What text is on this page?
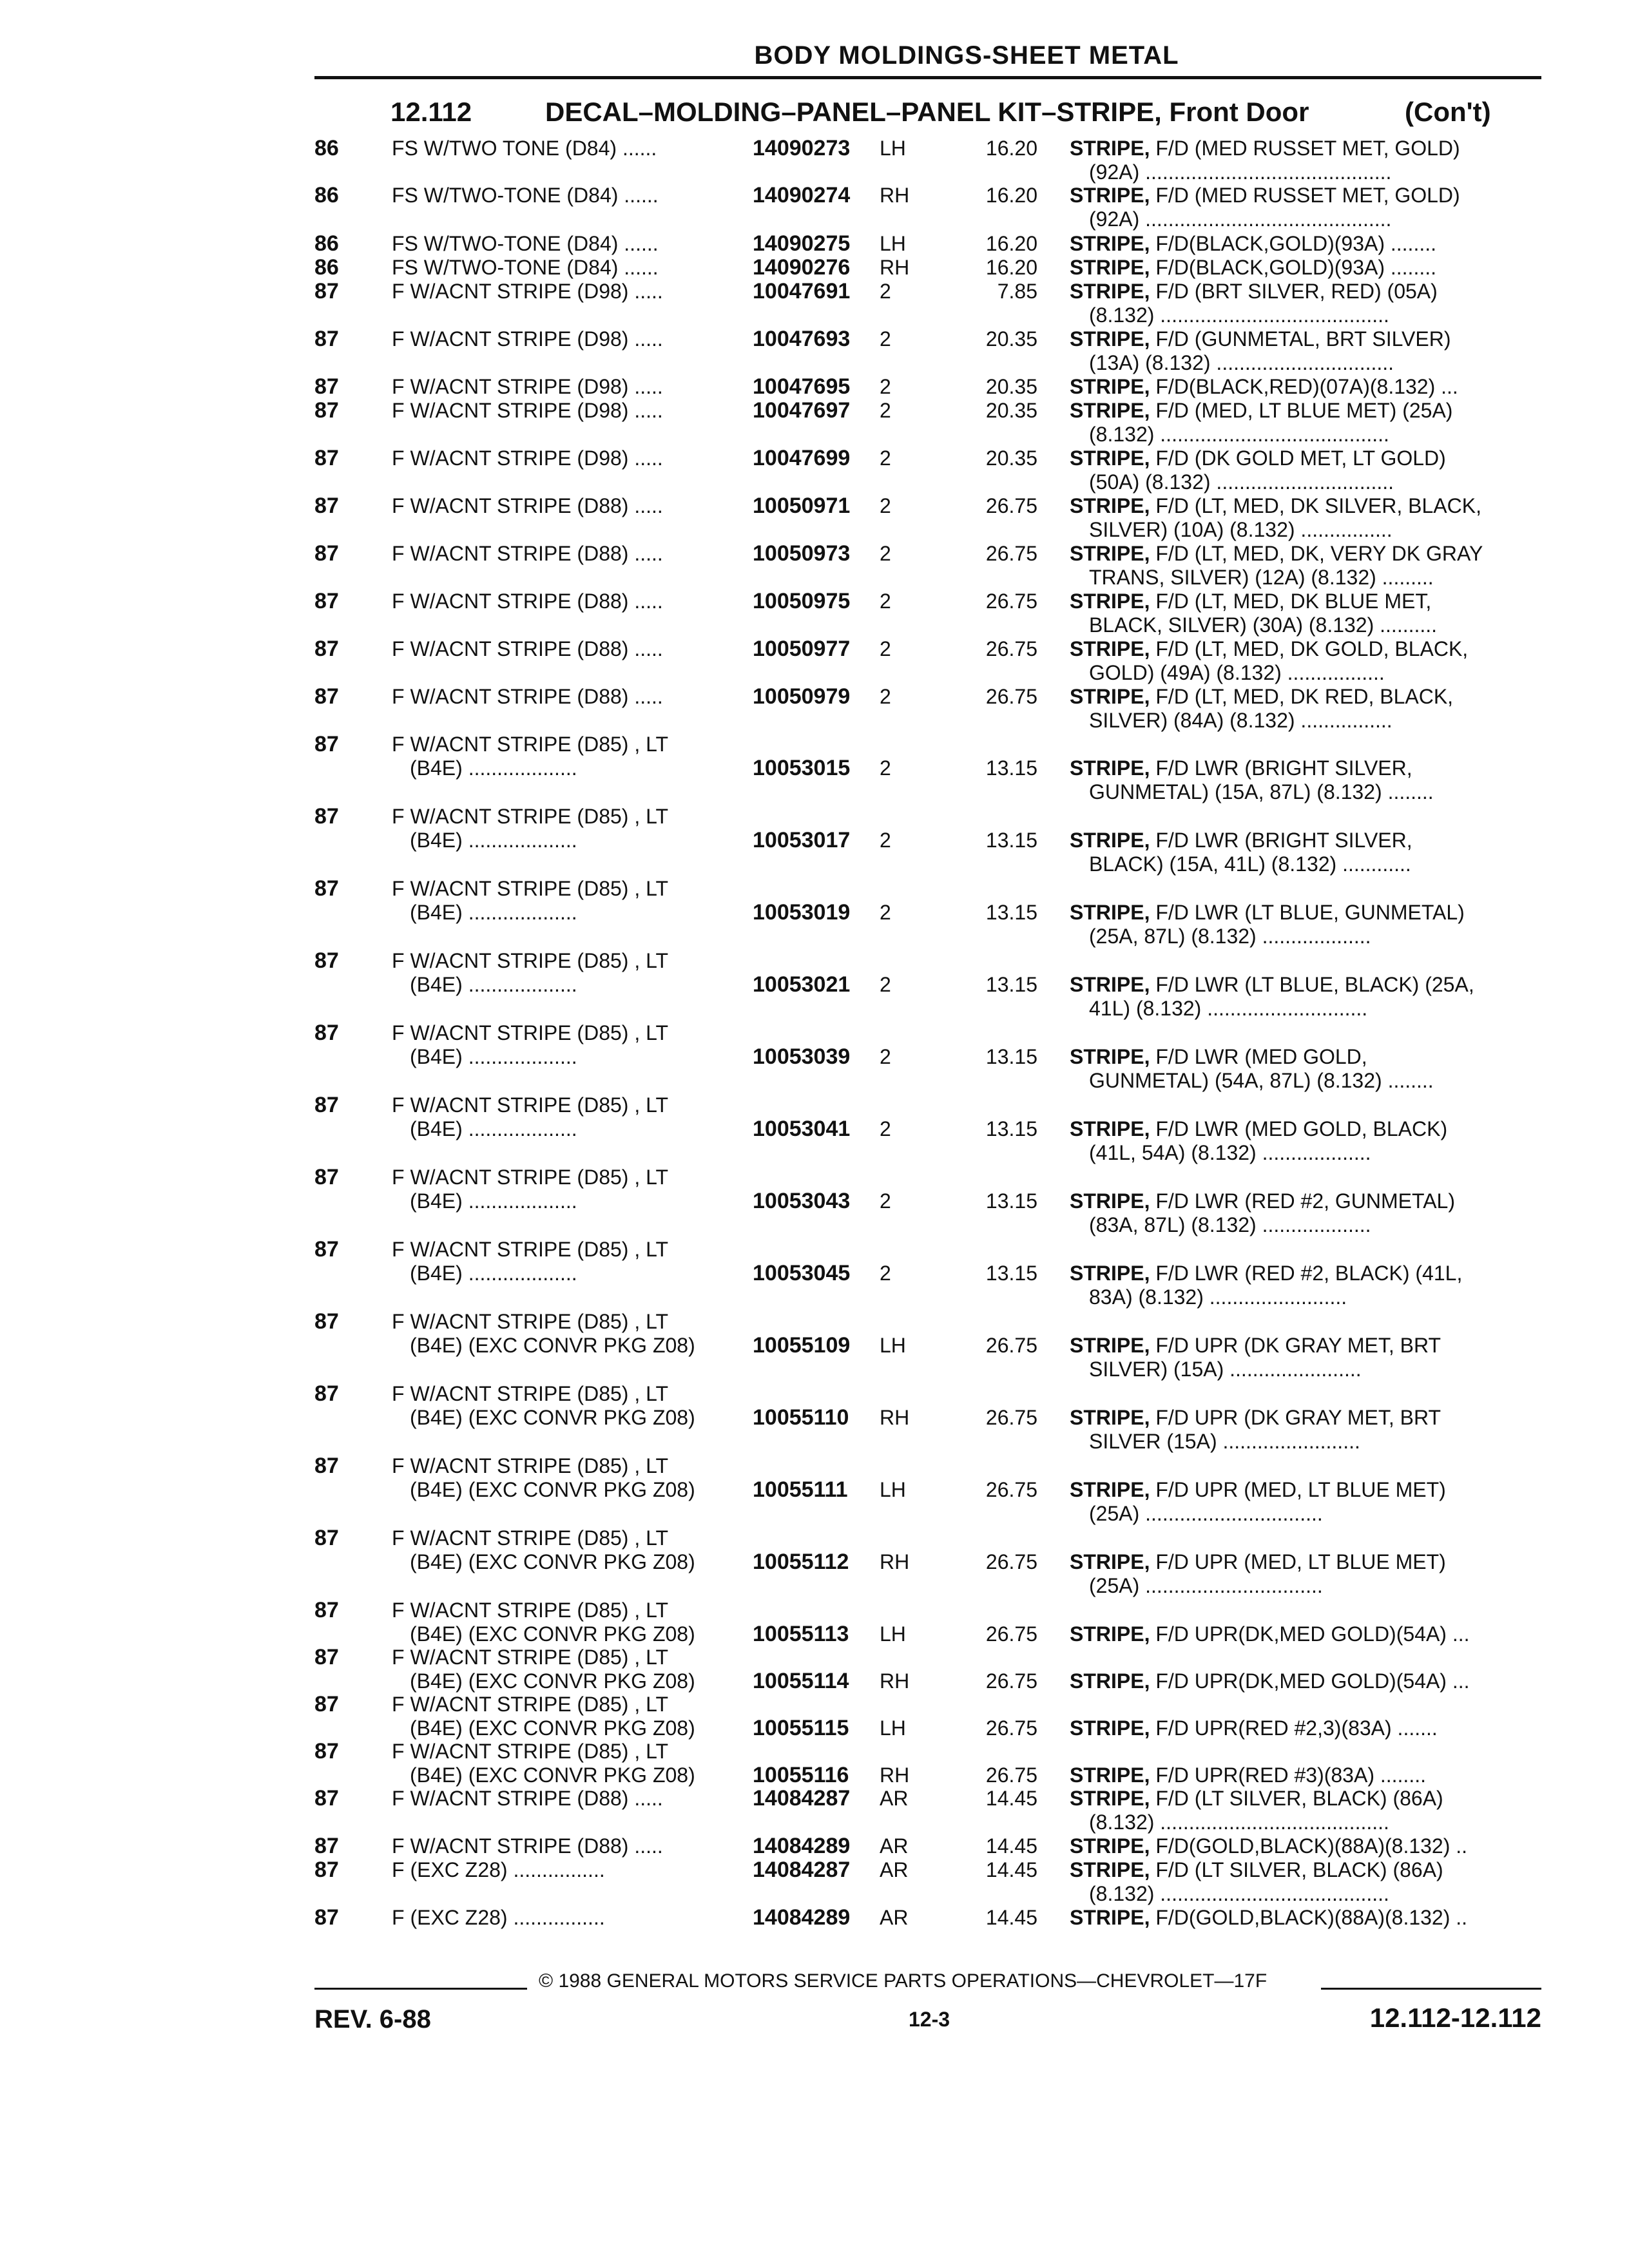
BODY MOLDINGS-SHEET METAL
12.112	DECAL–MOLDING–PANEL–PANEL KIT–STRIPE, Front Door	(Con't)
86	FS W/TWO TONE (D84) ......	14090273	LH	16.20 STRIPE, F/D (MED RUSSET MET, GOLD)
(92A) ...........................................
86	FS W/TWO-TONE (D84) ......	14090274	RH	16.20 STRIPE, F/D (MED RUSSET MET, GOLD)
(92A) ...........................................
86	FS W/TWO-TONE (D84) ......	14090275	LH	16.20 STRIPE, F/D(BLACK,GOLD)(93A) ........
86	FS W/TWO-TONE (D84) ......	14090276	RH	16.20 STRIPE, F/D(BLACK,GOLD)(93A) ........
87	F W/ACNT STRIPE (D98) .....	10047691	2	7.85 STRIPE, F/D (BRT SILVER, RED) (05A)
(8.132) ........................................
87	F W/ACNT STRIPE (D98) .....	10047693	2	20.35 STRIPE, F/D (GUNMETAL, BRT SILVER)
(13A) (8.132) ...............................
87	F W/ACNT STRIPE (D98) .....	10047695	2	20.35 STRIPE, F/D(BLACK,RED)(07A)(8.132) ...
87	F W/ACNT STRIPE (D98) .....	10047697	2	20.35 STRIPE, F/D (MED, LT BLUE MET) (25A)
(8.132) ........................................
87	F W/ACNT STRIPE (D98) .....	10047699	2	20.35 STRIPE, F/D (DK GOLD MET, LT GOLD)
(50A) (8.132) ...............................
87	F W/ACNT STRIPE (D88) .....	10050971	2	26.75 STRIPE, F/D (LT, MED, DK SILVER, BLACK,
SILVER) (10A) (8.132) ................
87	F W/ACNT STRIPE (D88) .....	10050973	2	26.75 STRIPE, F/D (LT, MED, DK, VERY DK GRAY
TRANS, SILVER) (12A) (8.132) .........
87	F W/ACNT STRIPE (D88) .....	10050975	2	26.75 STRIPE, F/D (LT, MED, DK BLUE MET,
BLACK, SILVER) (30A) (8.132) ..........
87	F W/ACNT STRIPE (D88) .....	10050977	2	26.75 STRIPE, F/D (LT, MED, DK GOLD, BLACK,
GOLD) (49A) (8.132) .................
87	F W/ACNT STRIPE (D88) .....	10050979	2	26.75 STRIPE, F/D (LT, MED, DK RED, BLACK,
SILVER) (84A) (8.132) ................
87	F W/ACNT STRIPE (D85) , LT
(B4E) ...................	10053015	2	13.15 STRIPE, F/D LWR (BRIGHT SILVER,
GUNMETAL) (15A, 87L) (8.132) ........
87	F W/ACNT STRIPE (D85) , LT
(B4E) ...................	10053017	2	13.15 STRIPE, F/D LWR (BRIGHT SILVER,
BLACK) (15A, 41L) (8.132) ............
87	F W/ACNT STRIPE (D85) , LT
(B4E) ...................	10053019	2	13.15 STRIPE, F/D LWR (LT BLUE, GUNMETAL)
(25A, 87L) (8.132) ...................
87	F W/ACNT STRIPE (D85) , LT
(B4E) ...................	10053021	2	13.15 STRIPE, F/D LWR (LT BLUE, BLACK) (25A,
41L) (8.132) ............................
87	F W/ACNT STRIPE (D85) , LT
(B4E) ...................	10053039	2	13.15 STRIPE, F/D LWR (MED GOLD,
GUNMETAL) (54A, 87L) (8.132) ........
87	F W/ACNT STRIPE (D85) , LT
(B4E) ...................	10053041	2	13.15 STRIPE, F/D LWR (MED GOLD, BLACK)
(41L, 54A) (8.132) ...................
87	F W/ACNT STRIPE (D85) , LT
(B4E) ...................	10053043	2	13.15 STRIPE, F/D LWR (RED #2, GUNMETAL)
(83A, 87L) (8.132) ...................
87	F W/ACNT STRIPE (D85) , LT
(B4E) ...................	10053045	2	13.15 STRIPE, F/D LWR (RED #2, BLACK) (41L,
83A) (8.132) ........................
87	F W/ACNT STRIPE (D85) , LT
(B4E) (EXC CONVR PKG Z08)	10055109	LH	26.75 STRIPE, F/D UPR (DK GRAY MET, BRT
SILVER) (15A) .......................
87	F W/ACNT STRIPE (D85) , LT
(B4E) (EXC CONVR PKG Z08)	10055110	RH	26.75 STRIPE, F/D UPR (DK GRAY MET, BRT
SILVER (15A) ........................
87	F W/ACNT STRIPE (D85) , LT
(B4E) (EXC CONVR PKG Z08)	10055111	LH	26.75 STRIPE, F/D UPR (MED, LT BLUE MET)
(25A) ...............................
87	F W/ACNT STRIPE (D85) , LT
(B4E) (EXC CONVR PKG Z08)	10055112	RH	26.75 STRIPE, F/D UPR (MED, LT BLUE MET)
(25A) ...............................
87	F W/ACNT STRIPE (D85) , LT
(B4E) (EXC CONVR PKG Z08)	10055113	LH	26.75 STRIPE, F/D UPR(DK,MED GOLD)(54A) ...
87	F W/ACNT STRIPE (D85) , LT
(B4E) (EXC CONVR PKG Z08)	10055114	RH	26.75 STRIPE, F/D UPR(DK,MED GOLD)(54A) ...
87	F W/ACNT STRIPE (D85) , LT
(B4E) (EXC CONVR PKG Z08)	10055115	LH	26.75 STRIPE, F/D UPR(RED #2,3)(83A) .......
87	F W/ACNT STRIPE (D85) , LT
(B4E) (EXC CONVR PKG Z08)	10055116	RH	26.75 STRIPE, F/D UPR(RED #3)(83A) ........
87	F W/ACNT STRIPE (D88) .....	14084287	AR	14.45 STRIPE, F/D (LT SILVER, BLACK) (86A)
(8.132) ........................................
87	F W/ACNT STRIPE (D88) .....	14084289	AR	14.45 STRIPE, F/D(GOLD,BLACK)(88A)(8.132) ..
87	F (EXC Z28) ................	14084287	AR	14.45 STRIPE, F/D (LT SILVER, BLACK) (86A)
(8.132) ........................................
87	F (EXC Z28) ................	14084289	AR	14.45 STRIPE, F/D(GOLD,BLACK)(88A)(8.132) ..
© 1988 GENERAL MOTORS SERVICE PARTS OPERATIONS—CHEVROLET—17F
REV. 6-88	12-3	12.112-12.112
